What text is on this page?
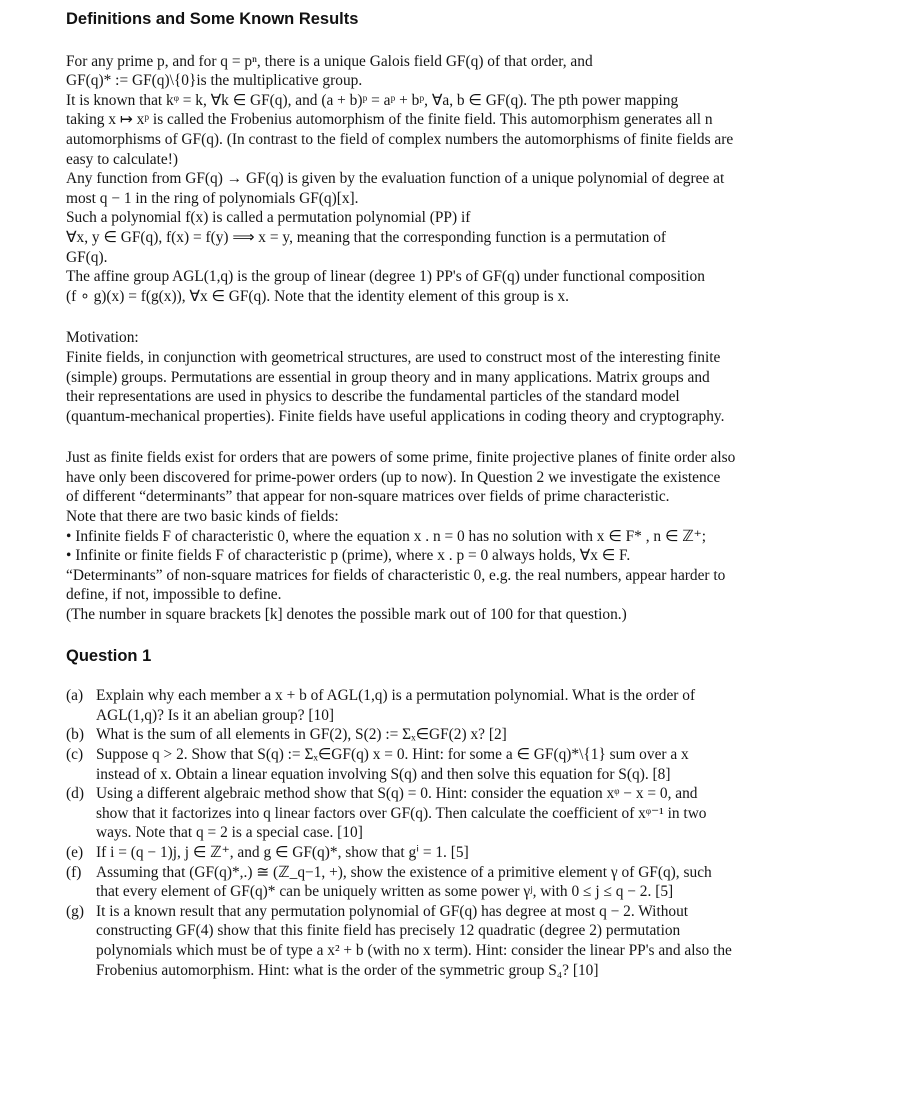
Definitions and Some Known Results

For any prime p, and for q = pⁿ, there is a unique Galois field GF(q) of that order, and

GF(q)* := GF(q)\{0}is the multiplicative group.

It is known that kᵠ = k, ∀k ∈ GF(q), and (a + b)ᵖ = aᵖ + bᵖ, ∀a, b ∈ GF(q). The pth power mapping

taking x ↦ xᵖ is called the Frobenius automorphism of the finite field. This automorphism generates all n

automorphisms of GF(q). (In contrast to the field of complex numbers the automorphisms of finite fields are

easy to calculate!)

Any function from GF(q) → GF(q) is given by the evaluation function of a unique polynomial of degree at

most q − 1 in the ring of polynomials GF(q)[x].

Such a polynomial f(x) is called a permutation polynomial (PP) if

∀x, y ∈ GF(q), f(x) = f(y) ⟹ x = y, meaning that the corresponding function is a permutation of

GF(q).

The affine group AGL(1,q) is the group of linear (degree 1) PP's of GF(q) under functional composition

(f ∘ g)(x) = f(g(x)), ∀x ∈ GF(q). Note that the identity element of this group is x.

Motivation:

Finite fields, in conjunction with geometrical structures, are used to construct most of the interesting finite

(simple) groups. Permutations are essential in group theory and in many applications. Matrix groups and

their representations are used in physics to describe the fundamental particles of the standard model

(quantum-mechanical properties). Finite fields have useful applications in coding theory and cryptography.

Just as finite fields exist for orders that are powers of some prime, finite projective planes of finite order also

have only been discovered for prime-power orders (up to now). In Question 2 we investigate the existence

of different “determinants” that appear for non-square matrices over fields of prime characteristic.

Note that there are two basic kinds of fields:

• Infinite fields F of characteristic 0, where the equation x . n = 0 has no solution with x ∈ F* , n ∈ ℤ⁺;

• Infinite or finite fields F of characteristic p (prime), where x . p = 0 always holds, ∀x ∈ F.

“Determinants” of non-square matrices for fields of characteristic 0, e.g. the real numbers, appear harder to

define, if not, impossible to define.

(The number in square brackets [k] denotes the possible mark out of 100 for that question.)

Question 1
(a) Explain why each member a x + b of AGL(1,q) is a permutation polynomial. What is the order of
AGL(1,q)? Is it an abelian group? [10]
(b) What is the sum of all elements in GF(2), S(2) := Σₓ∈GF(2) x? [2]
(c) Suppose q > 2. Show that S(q) := Σₓ∈GF(q) x = 0. Hint: for some a ∈ GF(q)*\{1} sum over a x
instead of x. Obtain a linear equation involving S(q) and then solve this equation for S(q). [8]
(d) Using a different algebraic method show that S(q) = 0. Hint: consider the equation xᵠ − x = 0, and
show that it factorizes into q linear factors over GF(q). Then calculate the coefficient of xᵠ⁻¹ in two
ways. Note that q = 2 is a special case. [10]
(e) If i = (q − 1)j, j ∈ ℤ⁺, and g ∈ GF(q)*, show that gⁱ = 1. [5]
(f) Assuming that (GF(q)*,.) ≅ (ℤ_q−1, +), show the existence of a primitive element γ of GF(q), such
that every element of GF(q)* can be uniquely written as some power γʲ, with 0 ≤ j ≤ q − 2. [5]
(g) It is a known result that any permutation polynomial of GF(q) has degree at most q − 2. Without
constructing GF(4) show that this finite field has precisely 12 quadratic (degree 2) permutation
polynomials which must be of type a x² + b (with no x term). Hint: consider the linear PP's and also the
Frobenius automorphism. Hint: what is the order of the symmetric group S₄? [10]
